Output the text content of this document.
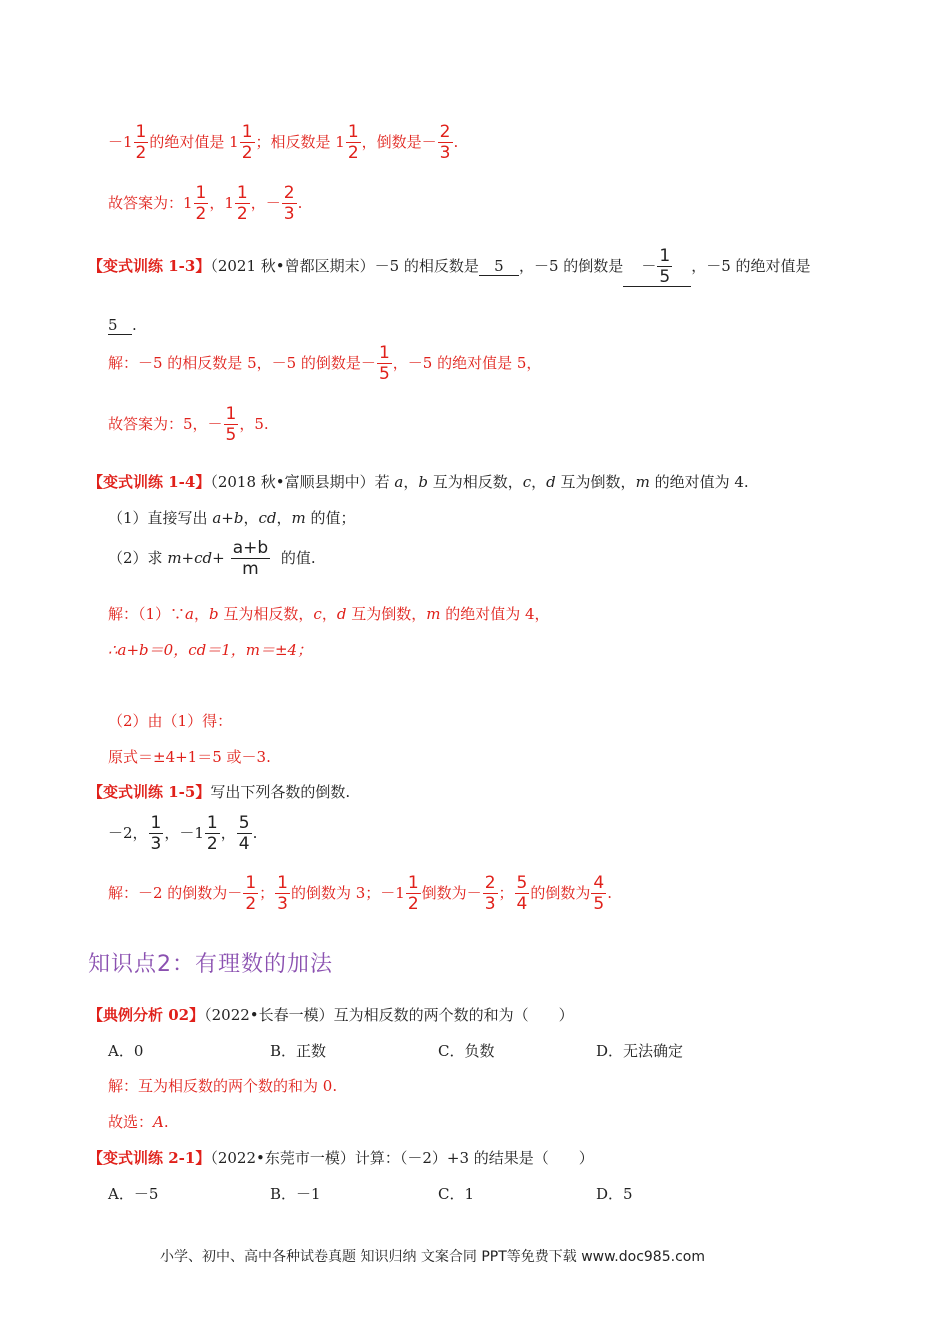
$-1 \frac{1}{2}$ 的绝对值是 $1 \frac{1}{2}$ ；相反数是 $1 \frac{1}{2}$ ，倒数是－ $\frac{2}{3}$ .
故答案为：$1 \frac{1}{2}$ ，$1 \frac{1}{2}$ ，－ $\frac{2}{3}$ .
【变式训练 1-3】（2021 秋•曾都区期末）－5 的相反数是 5 ，－5 的倒数是 － $\frac{1}{5}$ ，－5 的绝对值是
5 .
解：－5 的相反数是 5，－5 的倒数是－ $\frac{1}{5}$ ，－5 的绝对值是 5，
故答案为：5，－ $\frac{1}{5}$ ，5.
【变式训练 1-4】（2018 秋•富顺县期中）若 a，b 互为相反数，c，d 互为倒数，m 的绝对值为 4.
（1）直接写出 a+b，cd，m 的值；
（2）求 $m+cd+ \frac{a+b}{m}$ 的值.
解：（1）∵a，b 互为相反数，c，d 互为倒数，m 的绝对值为 4，
∴a+b＝0，cd＝1，m＝±4；
（2）由（1）得：
原式＝±4+1＝5 或－3.
【变式训练 1-5】写出下列各数的倒数.
－2， $\frac{1}{3}$ ，$-1 \frac{1}{2}$ ， $\frac{5}{4}$ .
解：－2 的倒数为－ $\frac{1}{2}$ ； $\frac{1}{3}$ 的倒数为 3；$-1 \frac{1}{2}$ 倒数为－ $\frac{2}{3}$ ； $\frac{5}{4}$ 的倒数为 $\frac{4}{5}$ .
知识点2：有理数的加法
【典例分析 02】（2022•长春一模）互为相反数的两个数的和为（　　）
A．0	B．正数	C．负数	D．无法确定
解：互为相反数的两个数的和为 0.
故选：A.
【变式训练 2-1】（2022•东莞市一模）计算：（－2）+3 的结果是（　　）
A．－5	B．－1	C．1	D．5
小学、初中、高中各种试卷真题 知识归纳 文案合同 PPT等免费下载 www.doc985.com
